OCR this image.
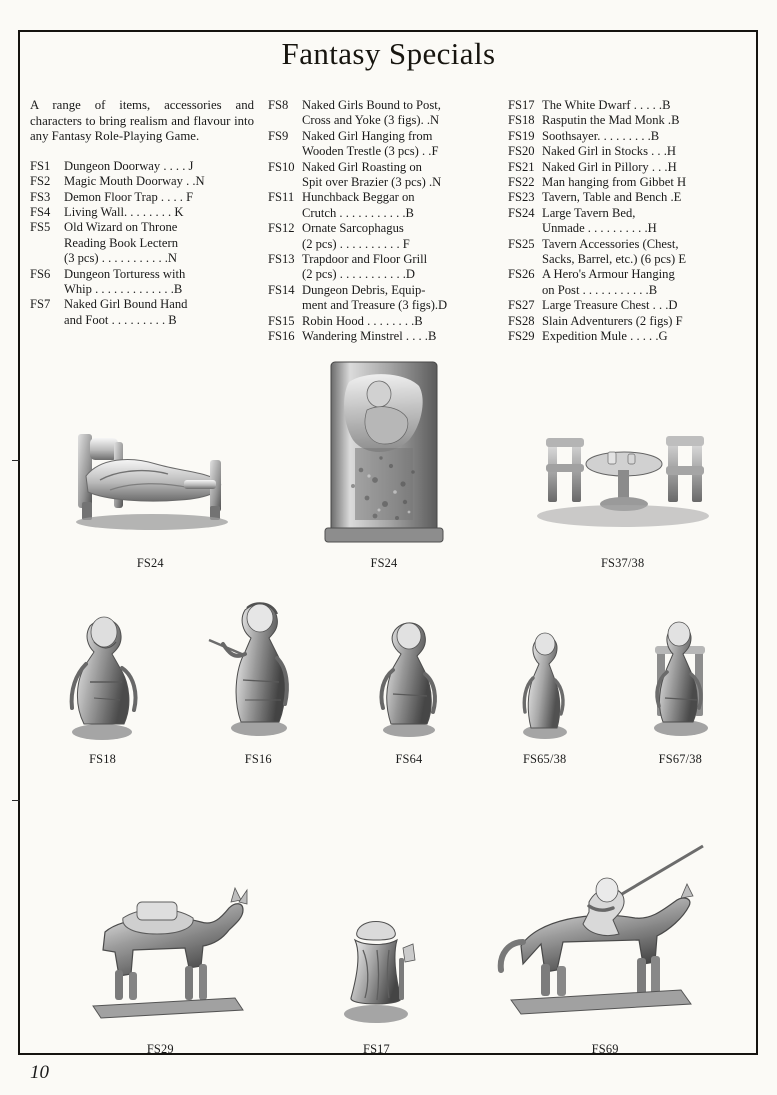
Fantasy Specials

A range of items, accessories and characters to bring realism and flavour into any Fantasy Role-Playing Game.

FS1	Dungeon Doorway . . . . J
FS2	Magic Mouth Doorway . .N
FS3	Demon Floor Trap . . . . F
FS4	Living Wall. . . . . . . . K
FS5	Old Wizard on Throne
Reading Book Lectern
(3 pcs) . . . . . . . . . . .N
FS6	Dungeon Torturess with
Whip . . . . . . . . . . . . .B
FS7	Naked Girl Bound Hand
and Foot . . . . . . . . . B
FS8	Naked Girls Bound to Post,
Cross and Yoke (3 figs). .N
FS9	Naked Girl Hanging from
Wooden Trestle (3 pcs) . .F
FS10 Naked Girl Roasting on
Spit over Brazier (3 pcs) .N
FS11 Hunchback Beggar on
Crutch . . . . . . . . . . .B
FS12 Ornate Sarcophagus
(2 pcs) . . . . . . . . . . F
FS13 Trapdoor and Floor Grill
(2 pcs) . . . . . . . . . . .D
FS14 Dungeon Debris, Equip-
ment and Treasure (3 figs).D
FS15 Robin Hood . . . . . . . .B
FS16 Wandering Minstrel . . . .B
FS17 The White Dwarf . . . . .B
FS18 Rasputin the Mad Monk .B
FS19 Soothsayer. . . . . . . . .B
FS20 Naked Girl in Stocks . . .H
FS21 Naked Girl in Pillory . . .H
FS22 Man hanging from Gibbet H
FS23 Tavern, Table and Bench .E
FS24 Large Tavern Bed,
Unmade . . . . . . . . . .H
FS25 Tavern Accessories (Chest,
Sacks, Barrel, etc.) (6 pcs) E
FS26 A Hero's Armour Hanging
on Post . . . . . . . . . . .B
FS27 Large Treasure Chest . . .D
FS28 Slain Adventurers (2 figs) F
FS29 Expedition Mule . . . . .G
FS24	FS24	FS37/38
FS18	FS16	FS64	FS65/38	FS67/38
FS29	FS17	FS69
10
